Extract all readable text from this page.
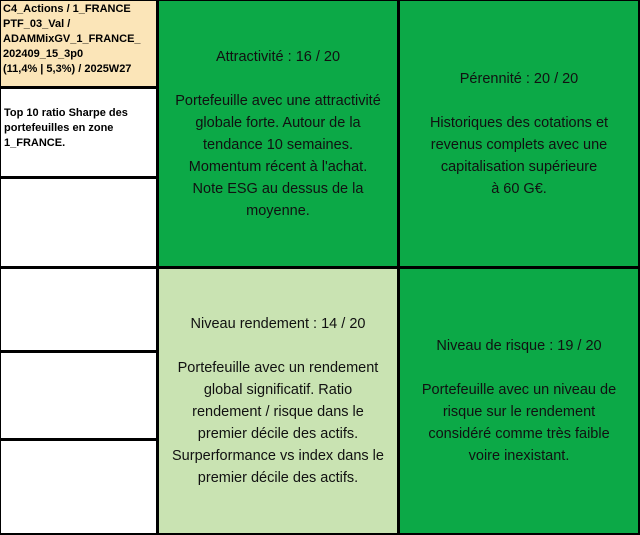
C4_Actions / 1_FRANCE
PTF_03_Val /
ADAMMixGV_1_FRANCE_
202409_15_3p0
(11,4% | 5,3%) / 2025W27
Top 10 ratio Sharpe des
portefeuilles en zone
1_FRANCE.
Attractivité : 16 / 20

Portefeuille avec une attractivité

globale forte. Autour de la

tendance 10 semaines.

Momentum récent à l'achat.

Note ESG au dessus de la

moyenne.

Pérennité : 20 / 20

Historiques des cotations et

revenus complets avec une

capitalisation supérieure

à 60 G€.

Niveau rendement : 14 / 20

Portefeuille avec un rendement

global significatif. Ratio

rendement / risque dans le

premier décile des actifs.

Surperformance vs index dans le

premier décile des actifs.

Niveau de risque : 19 / 20

Portefeuille avec un niveau de

risque sur le rendement

considéré comme très faible

voire inexistant.
